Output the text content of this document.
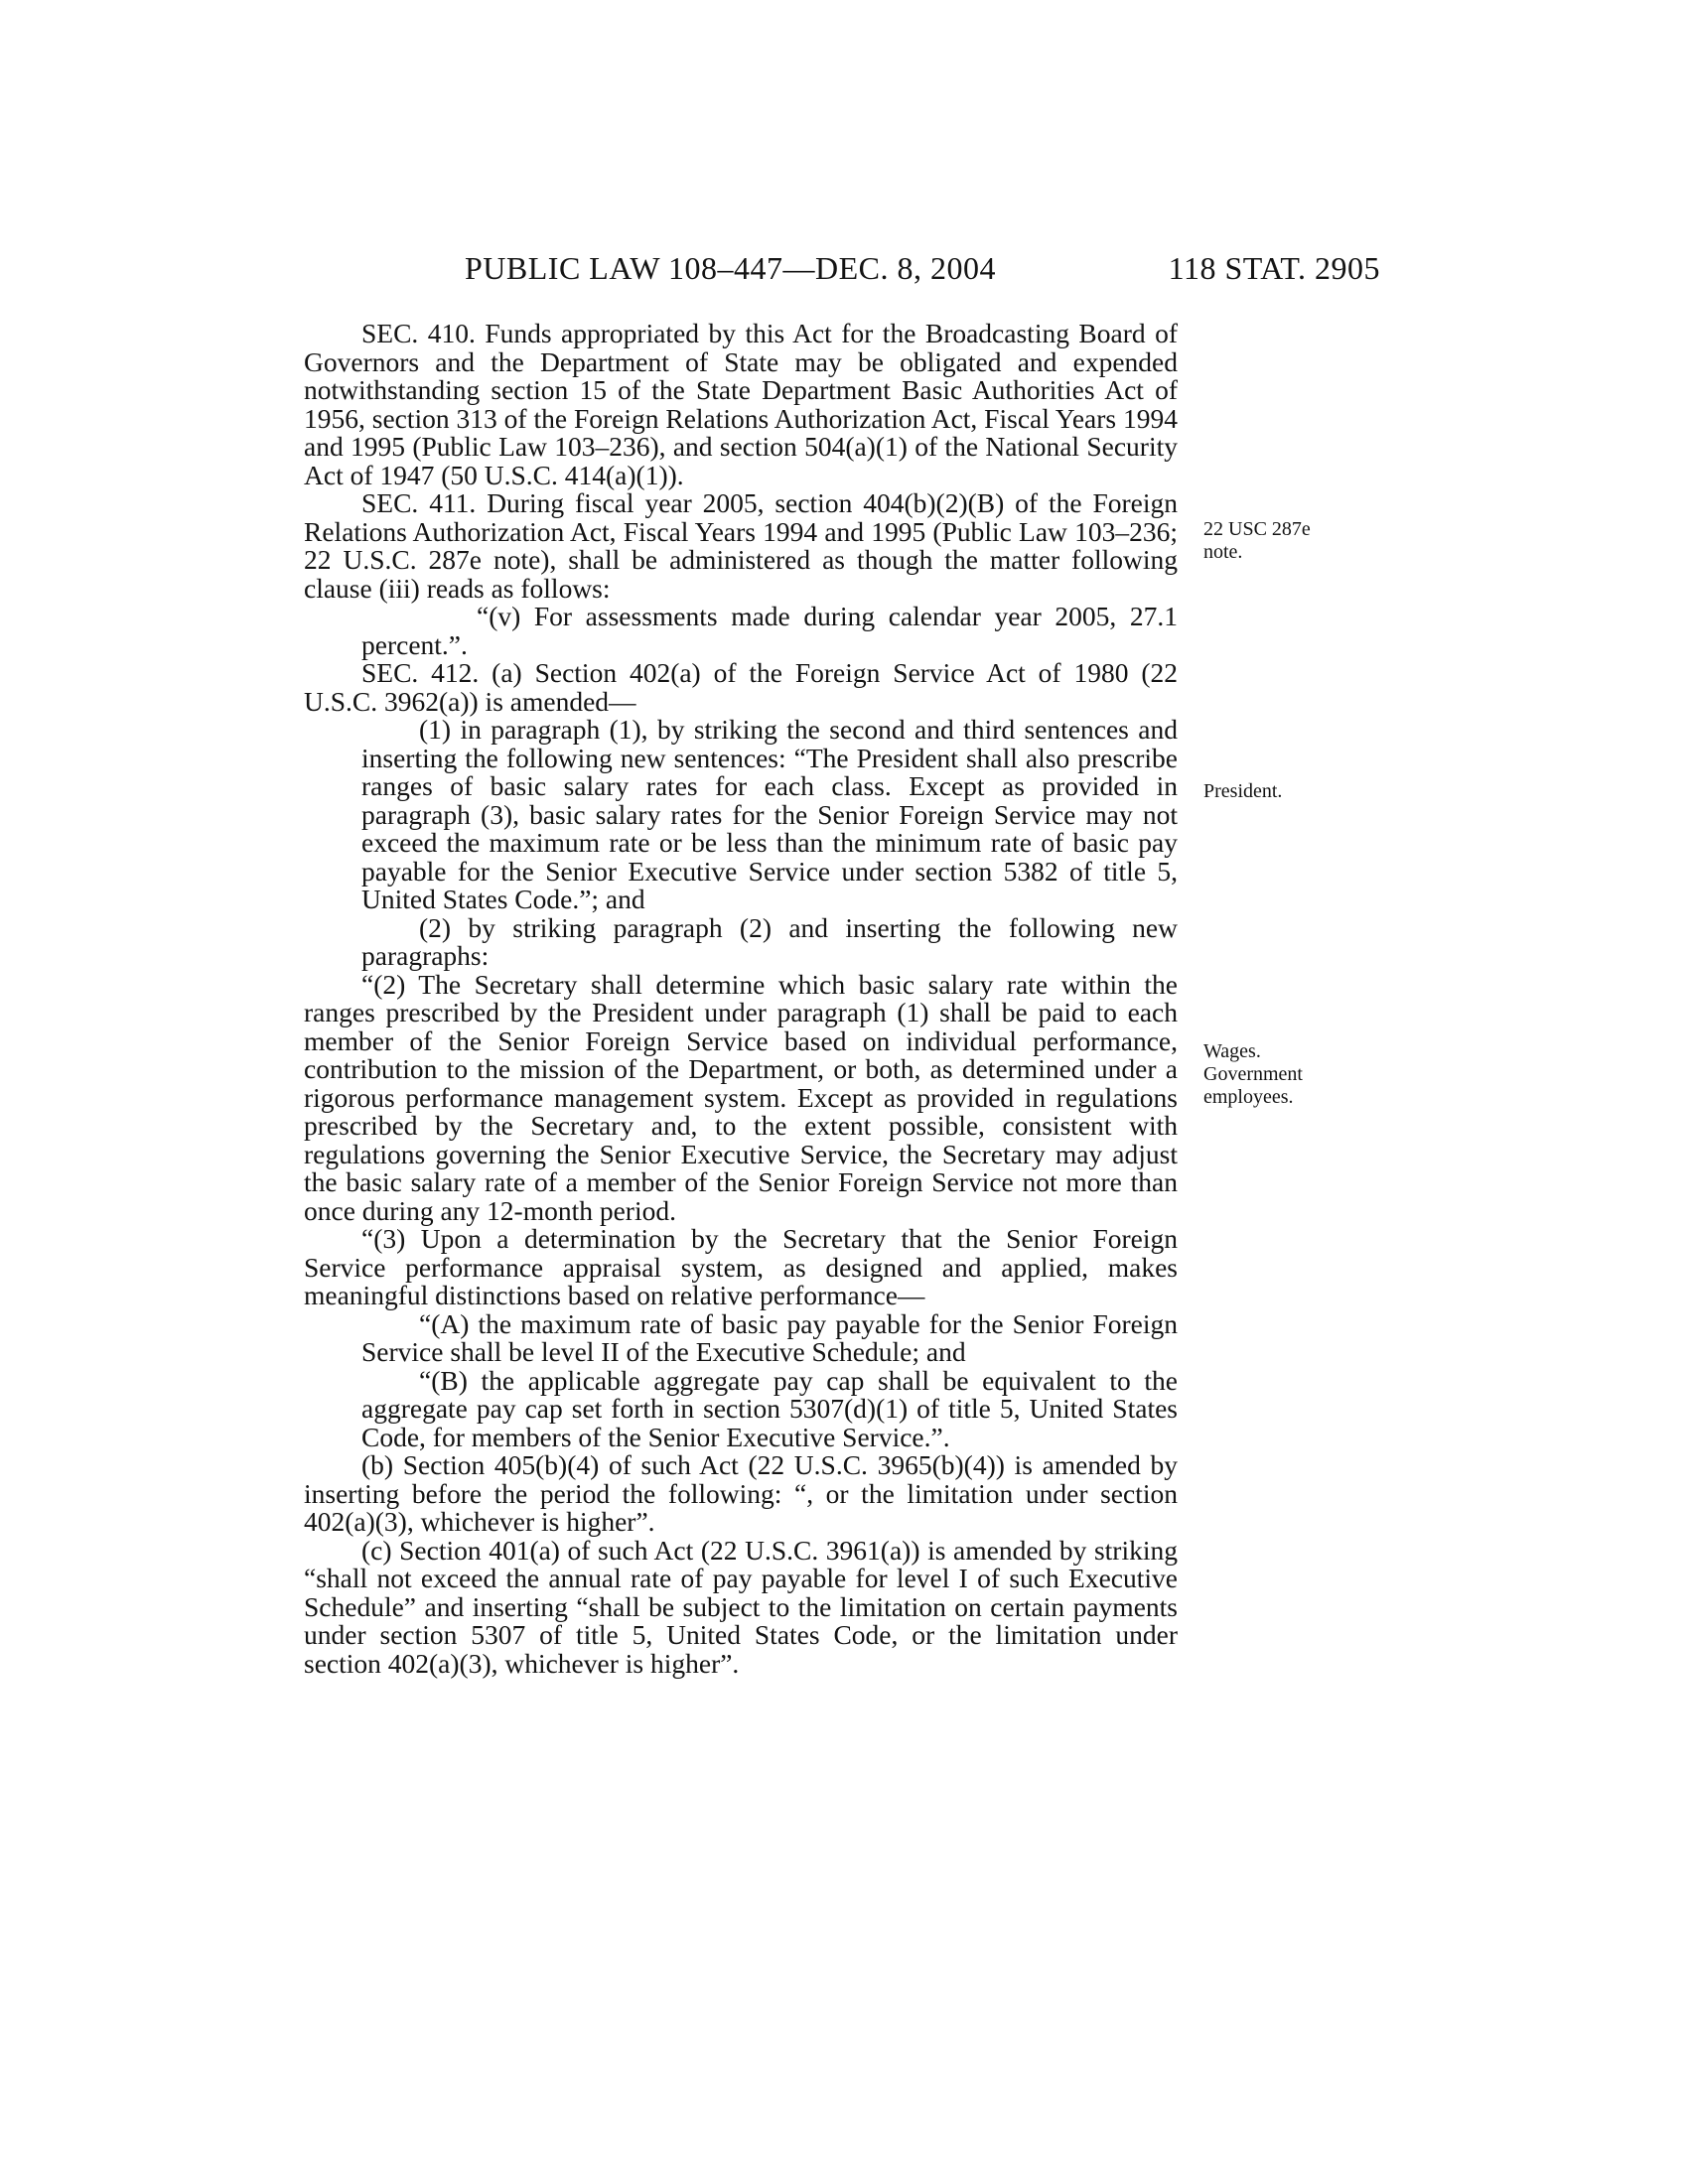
PUBLIC LAW 108–447—DEC. 8, 2004	118 STAT. 2905

SEC. 410. Funds appropriated by this Act for the Broadcasting Board of Governors and the Department of State may be obligated and expended notwithstanding section 15 of the State Department Basic Authorities Act of 1956, section 313 of the Foreign Relations Authorization Act, Fiscal Years 1994 and 1995 (Public Law 103–236), and section 504(a)(1) of the National Security Act of 1947 (50 U.S.C. 414(a)(1)).

SEC. 411. During fiscal year 2005, section 404(b)(2)(B) of the Foreign Relations Authorization Act, Fiscal Years 1994 and 1995 (Public Law 103–236; 22 U.S.C. 287e note), shall be administered as though the matter following clause (iii) reads as follows:

“(v) For assessments made during calendar year 2005, 27.1 percent.”.

SEC. 412. (a) Section 402(a) of the Foreign Service Act of 1980 (22 U.S.C. 3962(a)) is amended—

(1) in paragraph (1), by striking the second and third sentences and inserting the following new sentences: “The President shall also prescribe ranges of basic salary rates for each class. Except as provided in paragraph (3), basic salary rates for the Senior Foreign Service may not exceed the maximum rate or be less than the minimum rate of basic pay payable for the Senior Executive Service under section 5382 of title 5, United States Code.”; and

(2) by striking paragraph (2) and inserting the following new paragraphs:

“(2) The Secretary shall determine which basic salary rate within the ranges prescribed by the President under paragraph (1) shall be paid to each member of the Senior Foreign Service based on individual performance, contribution to the mission of the Department, or both, as determined under a rigorous performance management system. Except as provided in regulations prescribed by the Secretary and, to the extent possible, consistent with regulations governing the Senior Executive Service, the Secretary may adjust the basic salary rate of a member of the Senior Foreign Service not more than once during any 12-month period.

“(3) Upon a determination by the Secretary that the Senior Foreign Service performance appraisal system, as designed and applied, makes meaningful distinctions based on relative performance—

“(A) the maximum rate of basic pay payable for the Senior Foreign Service shall be level II of the Executive Schedule; and

“(B) the applicable aggregate pay cap shall be equivalent to the aggregate pay cap set forth in section 5307(d)(1) of title 5, United States Code, for members of the Senior Executive Service.”.

(b) Section 405(b)(4) of such Act (22 U.S.C. 3965(b)(4)) is amended by inserting before the period the following: “, or the limitation under section 402(a)(3), whichever is higher”.

(c) Section 401(a) of such Act (22 U.S.C. 3961(a)) is amended by striking “shall not exceed the annual rate of pay payable for level I of such Executive Schedule” and inserting “shall be subject to the limitation on certain payments under section 5307 of title 5, United States Code, or the limitation under section 402(a)(3), whichever is higher”.

22 USC 287e
note.
President.
Wages.
Government
employees.
